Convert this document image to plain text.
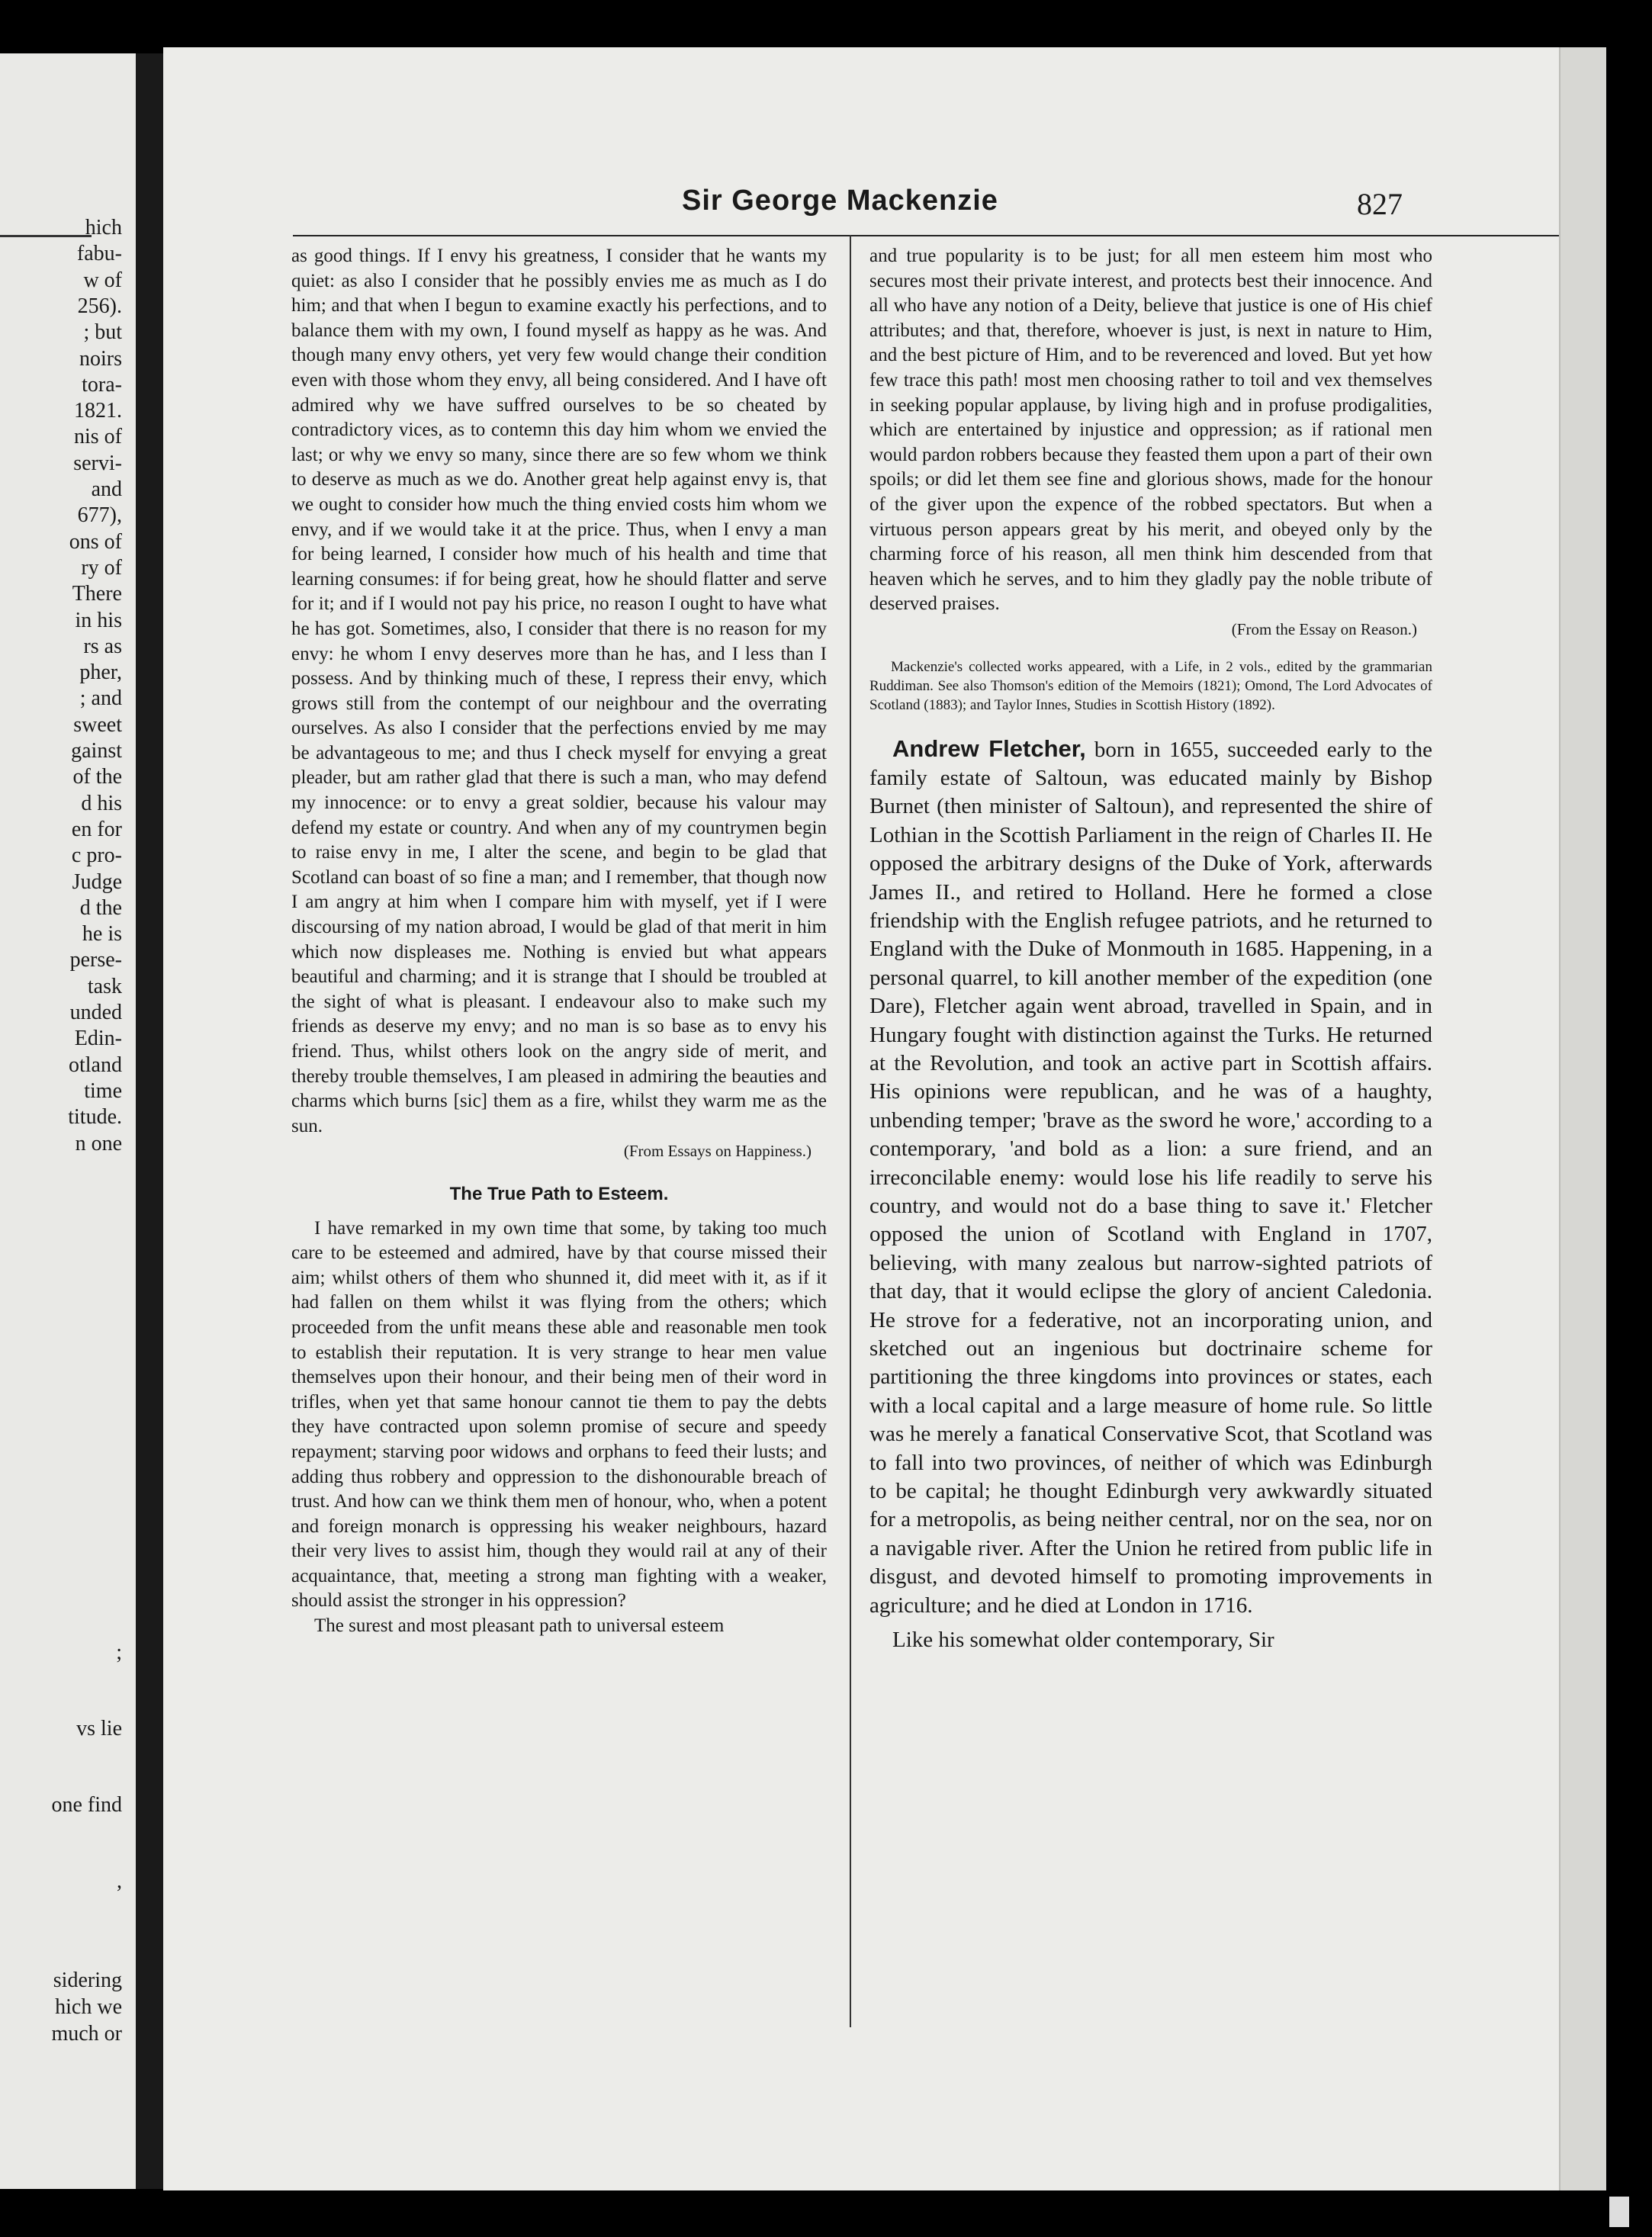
hich
fabu-
w of
256).
; but
noirs
tora-
1821.
nis of
servi-
and
677),
ons of
ry of
There
in his
rs as
pher,
; and
sweet
gainst
of the
d his
en for
c pro-
Judge
d the
he is
perse-
task
unded
Edin-
otland
time
titude.
n one
;
vs lie
one find
,
sidering
hich we
much or
Sir George Mackenzie	827

as good things. If I envy his greatness, I consider that he wants my quiet: as also I consider that he possibly envies me as much as I do him; and that when I begun to examine exactly his perfections, and to balance them with my own, I found myself as happy as he was. And though many envy others, yet very few would change their condition even with those whom they envy, all being considered. And I have oft admired why we have suffred ourselves to be so cheated by contradictory vices, as to contemn this day him whom we envied the last; or why we envy so many, since there are so few whom we think to deserve as much as we do. Another great help against envy is, that we ought to consider how much the thing envied costs him whom we envy, and if we would take it at the price. Thus, when I envy a man for being learned, I consider how much of his health and time that learning consumes: if for being great, how he should flatter and serve for it; and if I would not pay his price, no reason I ought to have what he has got. Sometimes, also, I consider that there is no reason for my envy: he whom I envy deserves more than he has, and I less than I possess. And by thinking much of these, I repress their envy, which grows still from the contempt of our neighbour and the overrating ourselves. As also I consider that the perfections envied by me may be advantageous to me; and thus I check myself for envying a great pleader, but am rather glad that there is such a man, who may defend my innocence: or to envy a great soldier, because his valour may defend my estate or country. And when any of my countrymen begin to raise envy in me, I alter the scene, and begin to be glad that Scotland can boast of so fine a man; and I remember, that though now I am angry at him when I compare him with myself, yet if I were discoursing of my nation abroad, I would be glad of that merit in him which now displeases me. Nothing is envied but what appears beautiful and charming; and it is strange that I should be troubled at the sight of what is pleasant. I endeavour also to make such my friends as deserve my envy; and no man is so base as to envy his friend. Thus, whilst others look on the angry side of merit, and thereby trouble themselves, I am pleased in admiring the beauties and charms which burns [sic] them as a fire, whilst they warm me as the sun.

(From Essays on Happiness.)

The True Path to Esteem.

I have remarked in my own time that some, by taking too much care to be esteemed and admired, have by that course missed their aim; whilst others of them who shunned it, did meet with it, as if it had fallen on them whilst it was flying from the others; which proceeded from the unfit means these able and reasonable men took to establish their reputation. It is very strange to hear men value themselves upon their honour, and their being men of their word in trifles, when yet that same honour cannot tie them to pay the debts they have contracted upon solemn promise of secure and speedy repayment; starving poor widows and orphans to feed their lusts; and adding thus robbery and oppression to the dishonourable breach of trust. And how can we think them men of honour, who, when a potent and foreign monarch is oppressing his weaker neighbours, hazard their very lives to assist him, though they would rail at any of their acquaintance, that, meeting a strong man fighting with a weaker, should assist the stronger in his oppression?

The surest and most pleasant path to universal esteem

and true popularity is to be just; for all men esteem him most who secures most their private interest, and protects best their innocence. And all who have any notion of a Deity, believe that justice is one of His chief attributes; and that, therefore, whoever is just, is next in nature to Him, and the best picture of Him, and to be reverenced and loved. But yet how few trace this path! most men choosing rather to toil and vex themselves in seeking popular applause, by living high and in profuse prodigalities, which are entertained by injustice and oppression; as if rational men would pardon robbers because they feasted them upon a part of their own spoils; or did let them see fine and glorious shows, made for the honour of the giver upon the expence of the robbed spectators. But when a virtuous person appears great by his merit, and obeyed only by the charming force of his reason, all men think him descended from that heaven which he serves, and to him they gladly pay the noble tribute of deserved praises.

(From the Essay on Reason.)

Mackenzie's collected works appeared, with a Life, in 2 vols., edited by the grammarian Ruddiman. See also Thomson's edition of the Memoirs (1821); Omond, The Lord Advocates of Scotland (1883); and Taylor Innes, Studies in Scottish History (1892).

Andrew Fletcher, born in 1655, succeeded early to the family estate of Saltoun, was educated mainly by Bishop Burnet (then minister of Saltoun), and represented the shire of Lothian in the Scottish Parliament in the reign of Charles II. He opposed the arbitrary designs of the Duke of York, afterwards James II., and retired to Holland. Here he formed a close friendship with the English refugee patriots, and he returned to England with the Duke of Monmouth in 1685. Happening, in a personal quarrel, to kill another member of the expedition (one Dare), Fletcher again went abroad, travelled in Spain, and in Hungary fought with distinction against the Turks. He returned at the Revolution, and took an active part in Scottish affairs. His opinions were republican, and he was of a haughty, unbending temper; 'brave as the sword he wore,' according to a contemporary, 'and bold as a lion: a sure friend, and an irreconcilable enemy: would lose his life readily to serve his country, and would not do a base thing to save it.' Fletcher opposed the union of Scotland with England in 1707, believing, with many zealous but narrow-sighted patriots of that day, that it would eclipse the glory of ancient Caledonia. He strove for a federative, not an incorporating union, and sketched out an ingenious but doctrinaire scheme for partitioning the three kingdoms into provinces or states, each with a local capital and a large measure of home rule. So little was he merely a fanatical Conservative Scot, that Scotland was to fall into two provinces, of neither of which was Edinburgh to be capital; he thought Edinburgh very awkwardly situated for a metropolis, as being neither central, nor on the sea, nor on a navigable river. After the Union he retired from public life in disgust, and devoted himself to promoting improvements in agriculture; and he died at London in 1716.

Like his somewhat older contemporary, Sir
